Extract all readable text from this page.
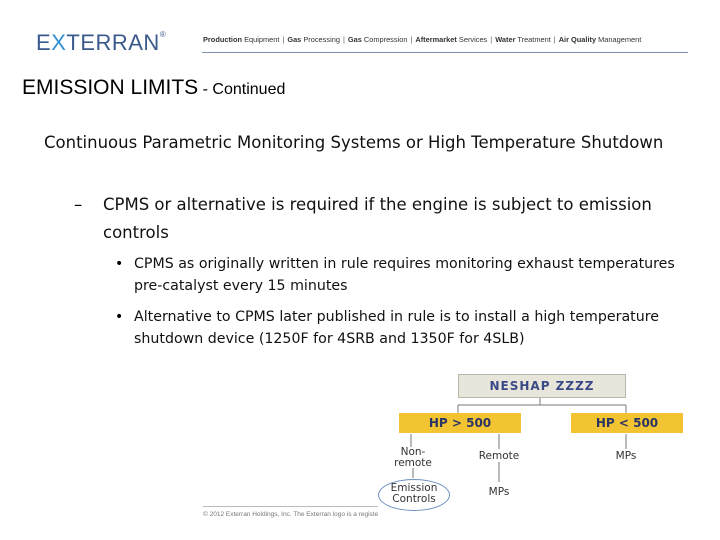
EXTERRAN®
Production Equipment | Gas Processing | Gas Compression | Aftermarket Services | Water Treatment | Air Quality Management
EMISSION LIMITS - Continued
Continuous Parametric Monitoring Systems or High Temperature Shutdown
– CPMS or alternative is required if the engine is subject to emission controls
• CPMS as originally written in rule requires monitoring exhaust temperatures pre-catalyst every 15 minutes
• Alternative to CPMS later published in rule is to install a high temperature shutdown device (1250F for 4SRB and 1350F for 4SLB)
NESHAP ZZZZ
HP > 500	HP < 500
Non-
remote
Remote	MPs
Emission
Controls
MPs
© 2012 Exterran Holdings, Inc. The Exterran logo is a registe
